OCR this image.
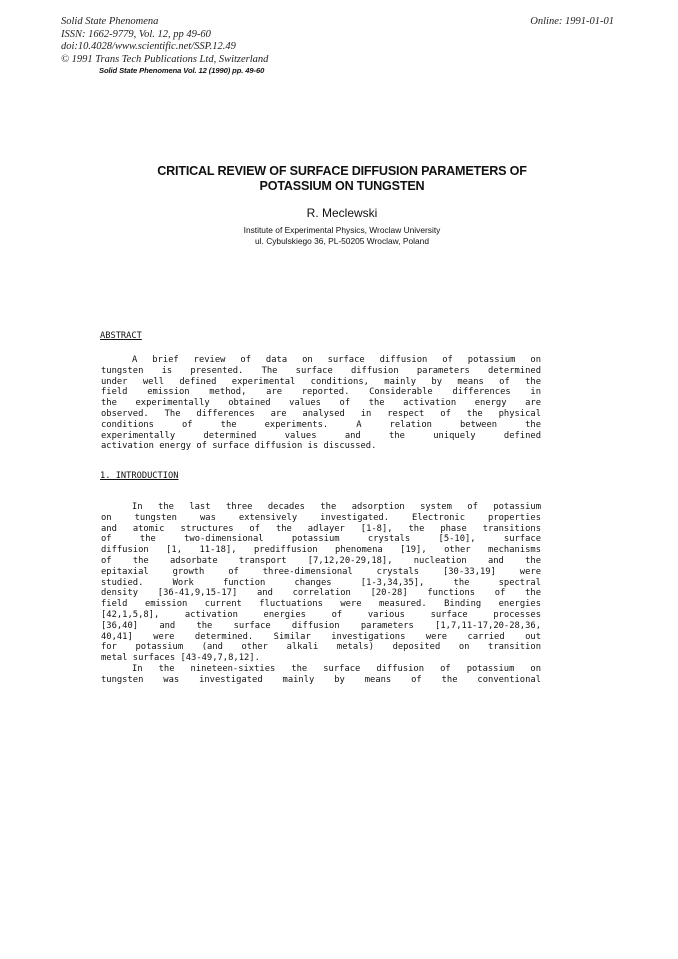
Solid State Phenomena
ISSN: 1662-9779, Vol. 12, pp 49-60
doi:10.4028/www.scientific.net/SSP.12.49
© 1991 Trans Tech Publications Ltd, Switzerland
Online: 1991-01-01
Solid State Phenomena Vol. 12 (1990) pp. 49-60
CRITICAL REVIEW OF SURFACE DIFFUSION PARAMETERS OF
POTASSIUM ON TUNGSTEN
R. Meclewski
Institute of Experimental Physics, Wroclaw University
ul. Cybulskiego 36, PL-50205 Wroclaw, Poland
ABSTRACT
A brief review of data on surface diffusion of potassium on
tungsten is presented. The surface diffusion parameters determined
under well defined experimental conditions, mainly by means of the
field emission method, are reported. Considerable differences in
the experimentally obtained values of the activation energy are
observed. The differences are analysed in respect of the physical
conditions of the experiments. A relation between the
experimentally determined values and the uniquely defined
activation energy of surface diffusion is discussed.
1. INTRODUCTION
In the last three decades the adsorption system of potassium
on tungsten was extensively investigated. Electronic properties
and atomic structures of the adlayer [1-8], the phase transitions
of the two-dimensional potassium crystals [5-10], surface
diffusion [1, 11-18], prediffusion phenomena [19], other mechanisms
of the adsorbate transport [7,12,20-29,18], nucleation and the
epitaxial growth of three-dimensional crystals [30-33,19] were
studied. Work function changes [1-3,34,35], the spectral
density [36-41,9,15-17] and correlation [20-28] functions of the
field emission current fluctuations were measured. Binding energies
[42,1,5,8], activation energies of various surface processes
[36,40] and the surface diffusion parameters [1,7,11-17,20-28,36,
40,41] were determined. Similar investigations were carried out
for potassium (and other alkali metals) deposited on transition
metal surfaces [43-49,7,8,12].
In the nineteen-sixties the surface diffusion of potassium on
tungsten was investigated mainly by means of the conventional
